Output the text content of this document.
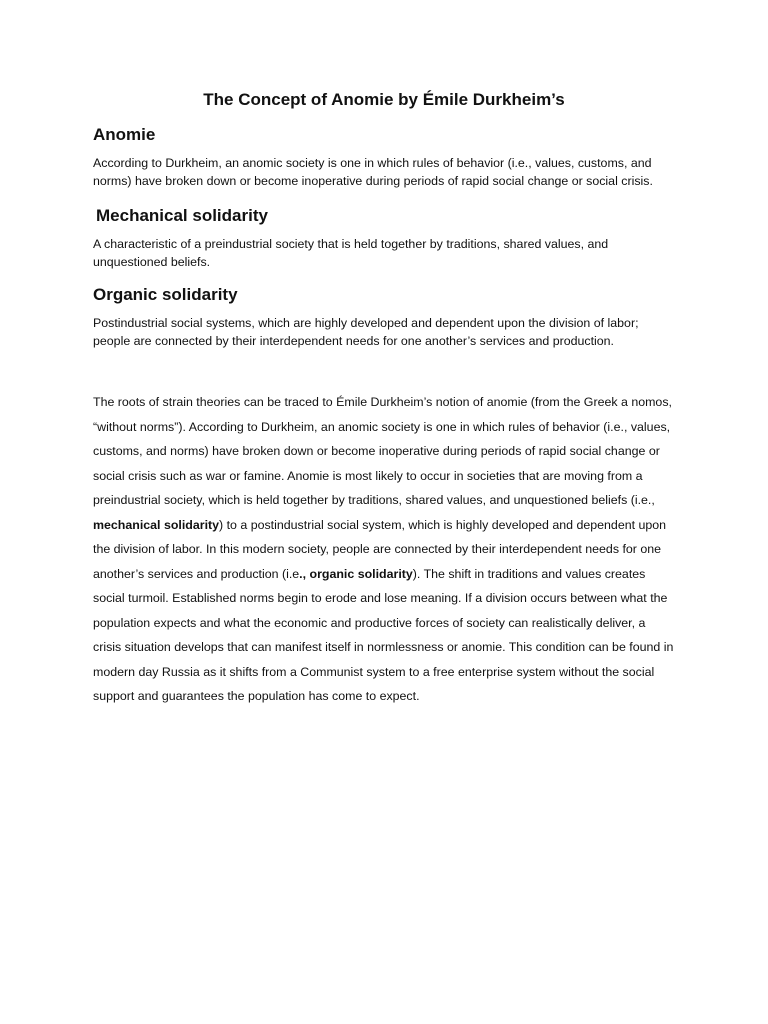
The Concept of Anomie by Émile Durkheim’s
Anomie

According to Durkheim, an anomic society is one in which rules of behavior (i.e., values, customs, and norms) have broken down or become inoperative during periods of rapid social change or social crisis.

Mechanical solidarity

A characteristic of a preindustrial society that is held together by traditions, shared values, and unquestioned beliefs.

Organic solidarity

Postindustrial social systems, which are highly developed and dependent upon the division of labor; people are connected by their interdependent needs for one another’s services and production.

The roots of strain theories can be traced to Émile Durkheim’s notion of anomie (from the Greek a nomos, “without norms”). According to Durkheim, an anomic society is one in which rules of behavior (i.e., values, customs, and norms) have broken down or become inoperative during periods of rapid social change or social crisis such as war or famine. Anomie is most likely to occur in societies that are moving from a preindustrial society, which is held together by traditions, shared values, and unquestioned beliefs (i.e., mechanical solidarity) to a postindustrial social system, which is highly developed and dependent upon the division of labor. In this modern society, people are connected by their interdependent needs for one another’s services and production (i.e., organic solidarity). The shift in traditions and values creates social turmoil. Established norms begin to erode and lose meaning. If a division occurs between what the population expects and what the economic and productive forces of society can realistically deliver, a crisis situation develops that can manifest itself in normlessness or anomie. This condition can be found in modern day Russia as it shifts from a Communist system to a free enterprise system without the social support and guarantees the population has come to expect.
